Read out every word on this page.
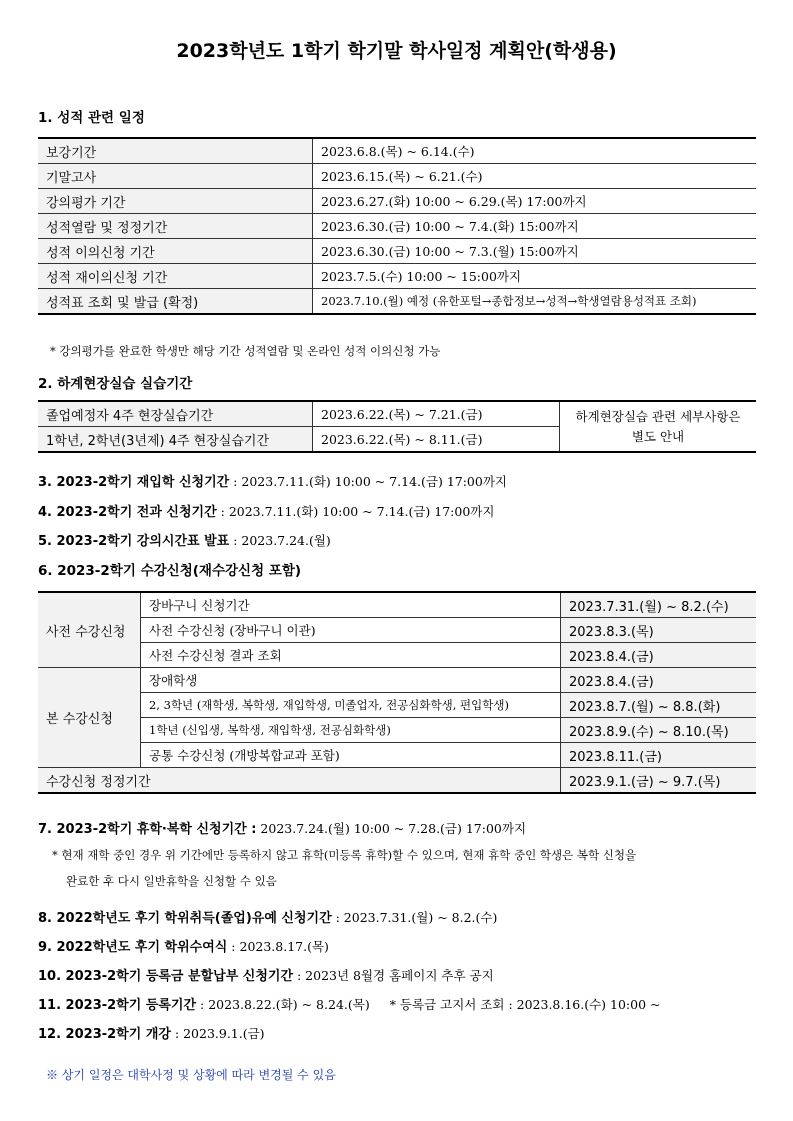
2023학년도 1학기 학기말 학사일정 계획안(학생용)
1. 성적 관련 일정
보강기간	2023.6.8.(목) ~ 6.14.(수)
기말고사	2023.6.15.(목) ~ 6.21.(수)
강의평가 기간	2023.6.27.(화) 10:00 ~ 6.29.(목) 17:00까지
성적열람 및 정정기간	2023.6.30.(금) 10:00 ~ 7.4.(화) 15:00까지
성적 이의신청 기간	2023.6.30.(금) 10:00 ~ 7.3.(월) 15:00까지
성적 재이의신청 기간	2023.7.5.(수) 10:00 ~ 15:00까지
성적표 조회 및 발급 (확정)	2023.7.10.(월) 예정 (유한포털→종합정보→성적→학생열람용성적표 조회)
* 강의평가를 완료한 학생만 해당 기간 성적열람 및 온라인 성적 이의신청 가능
2. 하계현장실습 실습기간
졸업예정자 4주 현장실습기간	2023.6.22.(목) ~ 7.21.(금)	하계현장실습 관련 세부사항은 별도 안내
1학년, 2학년(3년제) 4주 현장실습기간	2023.6.22.(목) ~ 8.11.(금)	
3. 2023-2학기 재입학 신청기간 : 2023.7.11.(화) 10:00 ~ 7.14.(금) 17:00까지
4. 2023-2학기 전과 신청기간 : 2023.7.11.(화) 10:00 ~ 7.14.(금) 17:00까지
5. 2023-2학기 강의시간표 발표 : 2023.7.24.(월)
6. 2023-2학기 수강신청(재수강신청 포함)
사전 수강신청	장바구니 신청기간	2023.7.31.(월) ~ 8.2.(수)
	사전 수강신청 (장바구니 이관)	2023.8.3.(목)
	사전 수강신청 결과 조회	2023.8.4.(금)
본 수강신청	장애학생	2023.8.4.(금)
	2, 3학년 (재학생, 복학생, 재입학생, 미졸업자, 전공심화학생, 편입학생)	2023.8.7.(월) ~ 8.8.(화)
	1학년 (신입생, 복학생, 재입학생, 전공심화학생)	2023.8.9.(수) ~ 8.10.(목)
	공통 수강신청 (개방복합교과 포함)	2023.8.11.(금)
수강신청 정정기간		2023.9.1.(금) ~ 9.7.(목)
7. 2023-2학기 휴학·복학 신청기간 : 2023.7.24.(월) 10:00 ~ 7.28.(금) 17:00까지
* 현재 재학 중인 경우 위 기간에만 등록하지 않고 휴학(미등록 휴학)할 수 있으며, 현재 휴학 중인 학생은 복학 신청을
완료한 후 다시 일반휴학을 신청할 수 있음
8. 2022학년도 후기 학위취득(졸업)유예 신청기간 : 2023.7.31.(월) ~ 8.2.(수)
9. 2022학년도 후기 학위수여식 : 2023.8.17.(목)
10. 2023-2학기 등록금 분할납부 신청기간 : 2023년 8월경 홈페이지 추후 공지
11. 2023-2학기 등록기간 : 2023.8.22.(화) ~ 8.24.(목) * 등록금 고지서 조회 : 2023.8.16.(수) 10:00 ~
12. 2023-2학기 개강 : 2023.9.1.(금)
※ 상기 일정은 대학사정 및 상황에 따라 변경될 수 있음
